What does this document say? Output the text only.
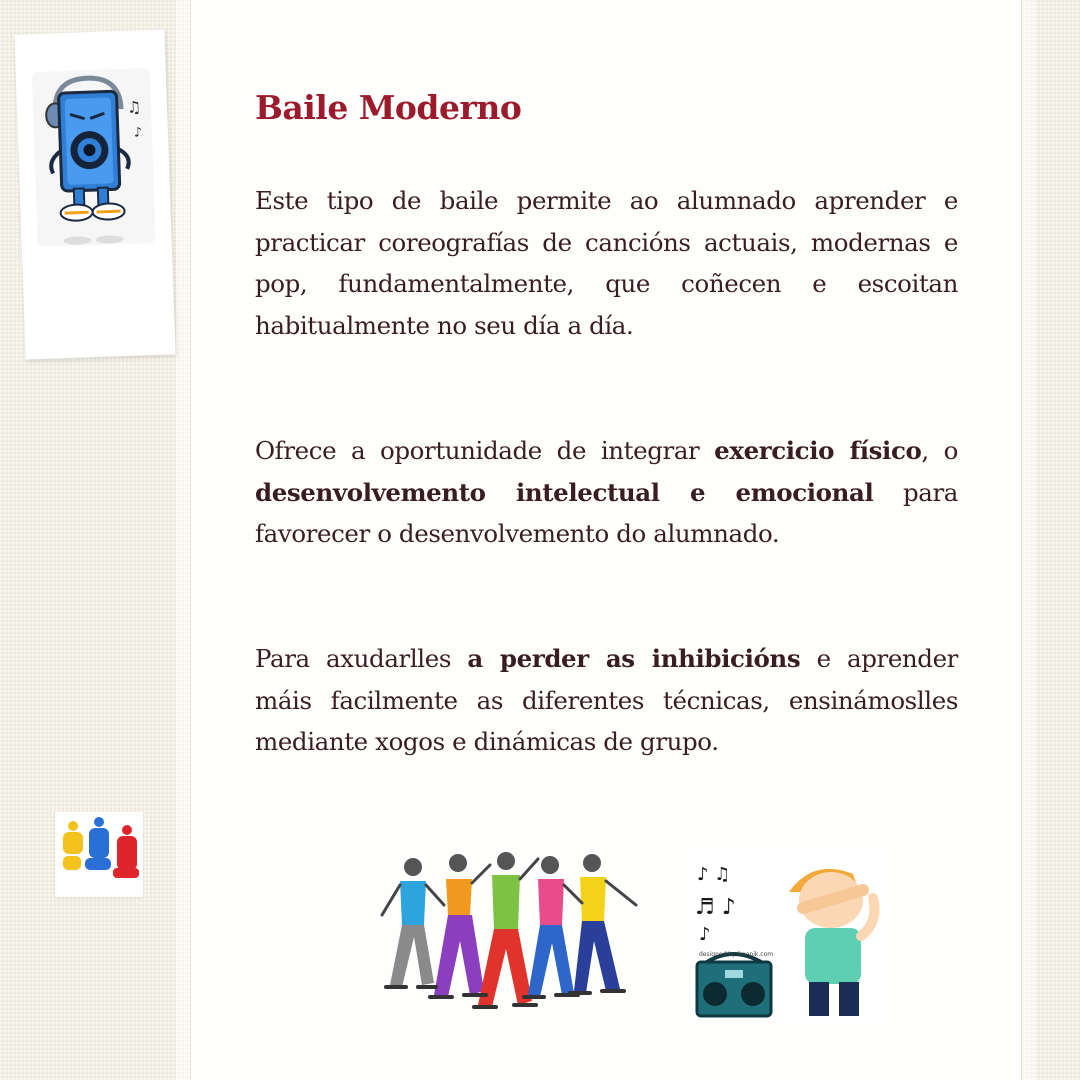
♫
♪
Baile Moderno

Este tipo de baile permite ao alumnado aprender e practicar coreografías de cancións actuais, modernas e pop, fundamentalmente, que coñecen e escoitan habitualmente no seu día a día.

Ofrece a oportunidade de integrar exercicio físico, o desenvolvemento intelectual e emocional para favorecer o desenvolvemento do alumnado.

Para axudarlles a perder as inhibicións e aprender máis facilmente as diferentes técnicas, ensinámoslles mediante xogos e dinámicas de grupo.

♪ ♫
♬ ♪
♪
designed by freepik.com
